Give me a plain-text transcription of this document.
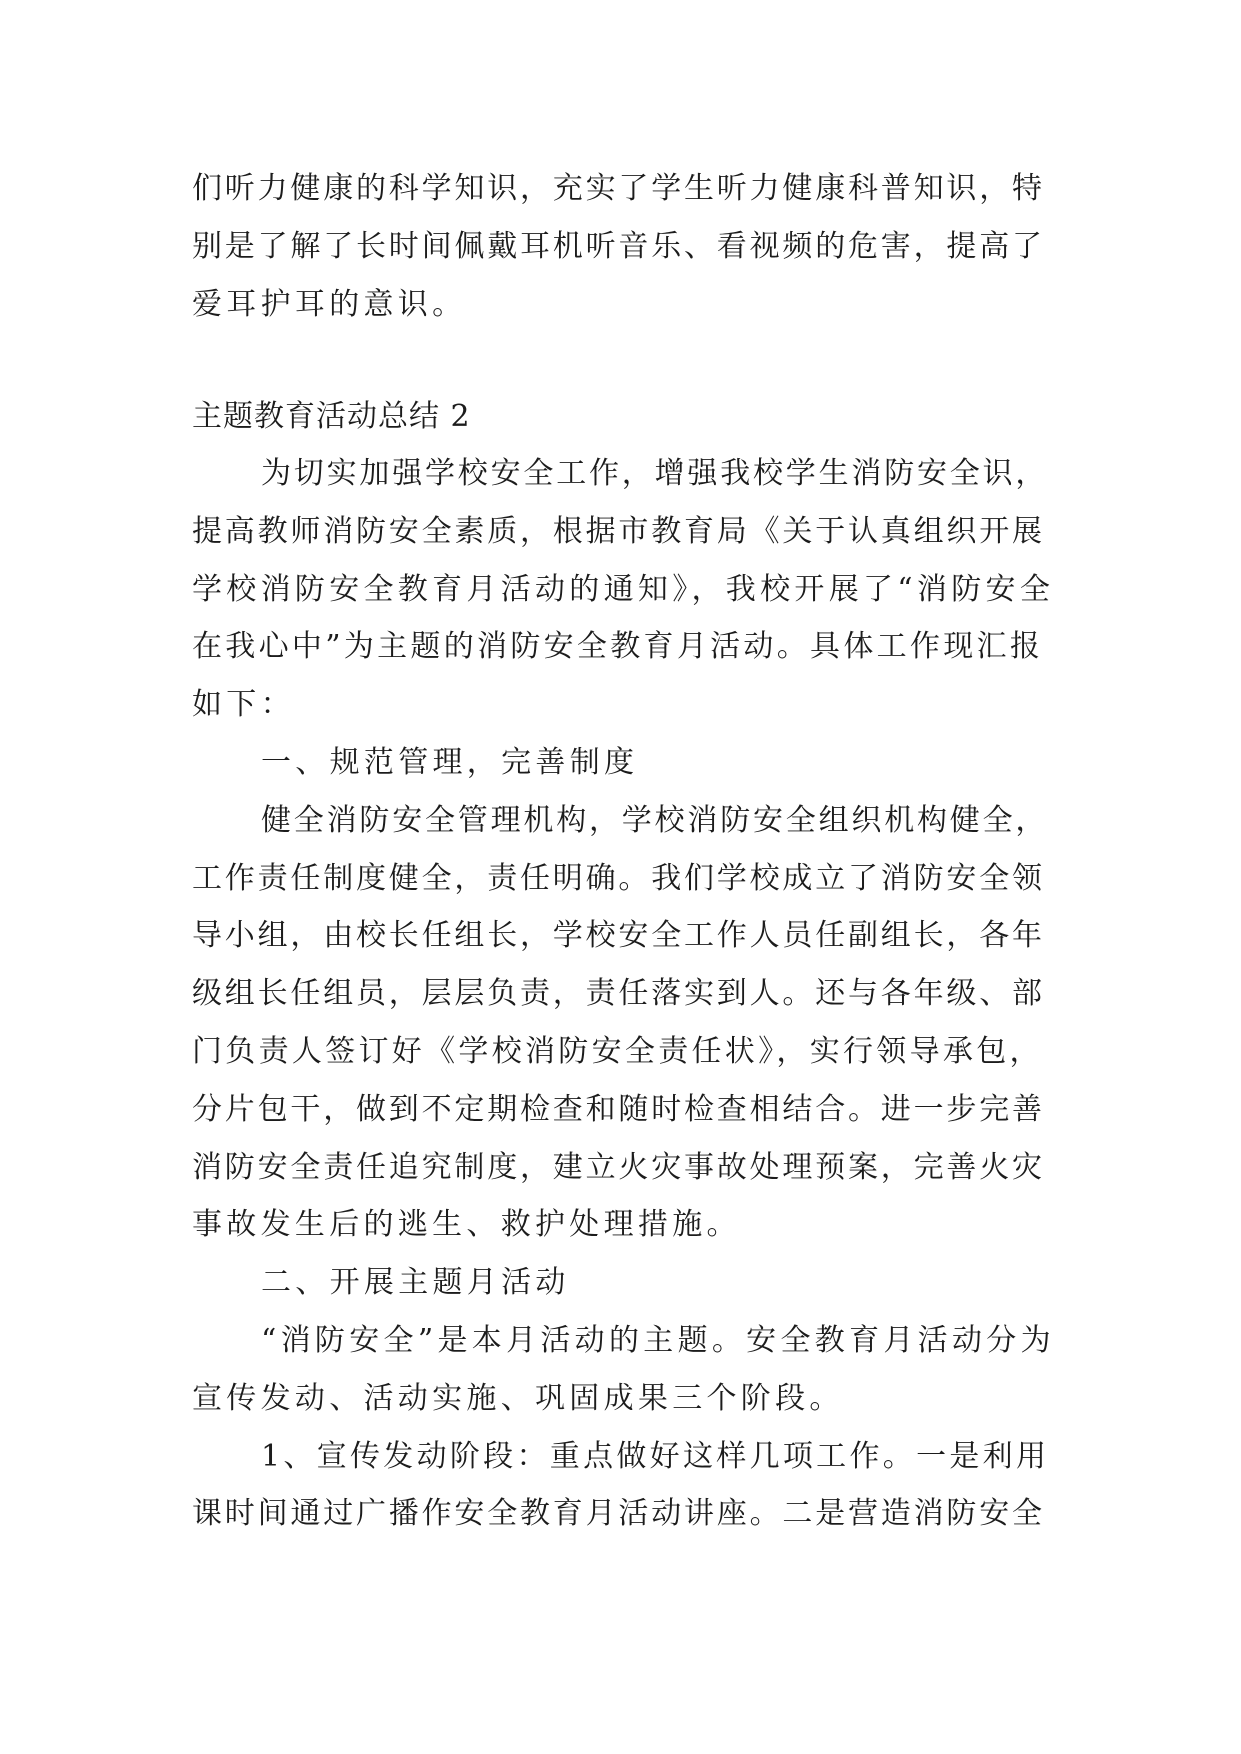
们听力健康的科学知识，充实了学生听力健康科普知识，特
别是了解了长时间佩戴耳机听音乐、看视频的危害，提高了
爱耳护耳的意识。
主题教育活动总结 2
为切实加强学校安全工作，增强我校学生消防安全识，
提高教师消防安全素质，根据市教育局《关于认真组织开展
学校消防安全教育月活动的通知》，我校开展了“消防安全
在我心中”为主题的消防安全教育月活动。具体工作现汇报
如下：
一、规范管理，完善制度
健全消防安全管理机构，学校消防安全组织机构健全，
工作责任制度健全，责任明确。我们学校成立了消防安全领
导小组，由校长任组长，学校安全工作人员任副组长，各年
级组长任组员，层层负责，责任落实到人。还与各年级、部
门负责人签订好《学校消防安全责任状》，实行领导承包，
分片包干，做到不定期检查和随时检查相结合。进一步完善
消防安全责任追究制度，建立火灾事故处理预案，完善火灾
事故发生后的逃生、救护处理措施。
二、开展主题月活动
“消防安全”是本月活动的主题。安全教育月活动分为
宣传发动、活动实施、巩固成果三个阶段。
1、宣传发动阶段：重点做好这样几项工作。一是利用
课时间通过广播作安全教育月活动讲座。二是营造消防安全
